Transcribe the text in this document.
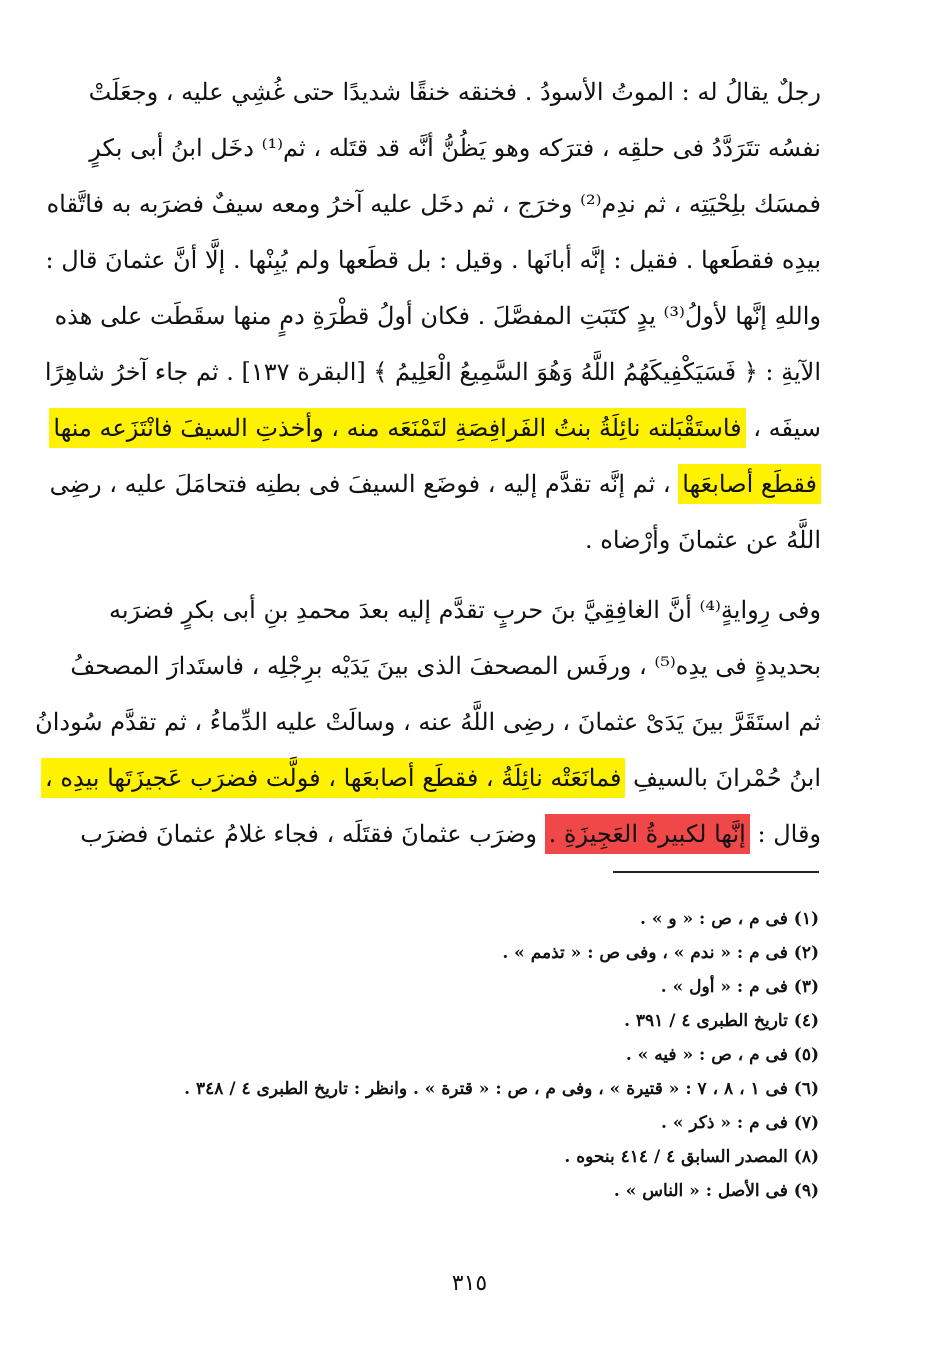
رجلٌ يقالُ له : الموتُ الأسودُ . فخنقه خنقًا شديدًا حتى غُشِي عليه ، وجعَلَتْ
نفسُه تتَرَدَّدُ فى حلقِه ، فترَكه وهو يَظُنُّ أنَّه قد قتَله ، ثم⁽¹⁾ دخَل ابنُ أبى بكرٍ
فمسَك بلِحْيَتِه ، ثم ندِم⁽²⁾ وخرَج ، ثم دخَل عليه آخرُ ومعه سيفٌ فضرَبه به فاتَّقاه
بيدِه فقطَعها . فقيل : إنَّه أبانَها . وقيل : بل قطَعها ولم يُبِنْها . إلَّا أنَّ عثمانَ قال :
واللهِ إنَّها لأولُ⁽³⁾ يدٍ كتَبَتِ المفصَّلَ . فكان أولُ قطْرَةِ دمٍ منها سقَطَت على هذه
الآيةِ : ﴿ فَسَيَكْفِيكَهُمُ اللَّهُ وَهُوَ السَّمِيعُ الْعَلِيمُ ﴾ [البقرة ١٣٧] . ثم جاء آخرُ شاهِرًا
سيفَه ، فاستَقْبَلته نائِلَةُ بنتُ الفَرافِصَةِ لتَمْنَعَه منه ، وأخذتِ السيفَ فانْتَزَعه منها
فقطَع أصابعَها ، ثم إنَّه تقدَّم إليه ، فوضَع السيفَ فى بطنِه فتحامَلَ عليه ، رضِى
اللَّهُ عن عثمانَ وأرْضاه .
وفى رِوايةٍ⁽⁴⁾ أنَّ الغافِقِيَّ بنَ حربٍ تقدَّم إليه بعدَ محمدِ بنِ أبى بكرٍ فضرَبه
بحديدةٍ فى يدِه⁽⁵⁾ ، ورفَس المصحفَ الذى بينَ يَدَيْه برِجْلِه ، فاستَدارَ المصحفُ
ثم استَقَرَّ بينَ يَدَىْ عثمانَ ، رضِى اللَّهُ عنه ، وسالَتْ عليه الدِّماءُ ، ثم تقدَّم سُودانُ
ابنُ حُمْرانَ بالسيفِ فمانَعَتْه نائِلَةُ ، فقطَع أصابعَها ، فولَّت فضرَب عَجيزَتَها بيدِه ،
وقال : إنَّها لكبيرةُ العَجِيزَةِ . وضرَب عثمانَ فقتَلَه ، فجاء غلامُ عثمانَ فضرَب
(١) فى م ، ص : « و » .
(٢) فى م : « ندم » ، وفى ص : « تذمم » .
(٣) فى م : « أول » .
(٤) تاريخ الطبرى ٤ / ٣٩١ .
(٥) فى م ، ص : « فيه » .
(٦) فى ١ ، ٨ ، ٧ : « قتيرة » ، وفى م ، ص : « قترة » . وانظر : تاريخ الطبرى ٤ / ٣٤٨ .
(٧) فى م : « ذكر » .
(٨) المصدر السابق ٤ / ٤١٤ بنحوه .
(٩) فى الأصل : « الناس » .
٣١٥
